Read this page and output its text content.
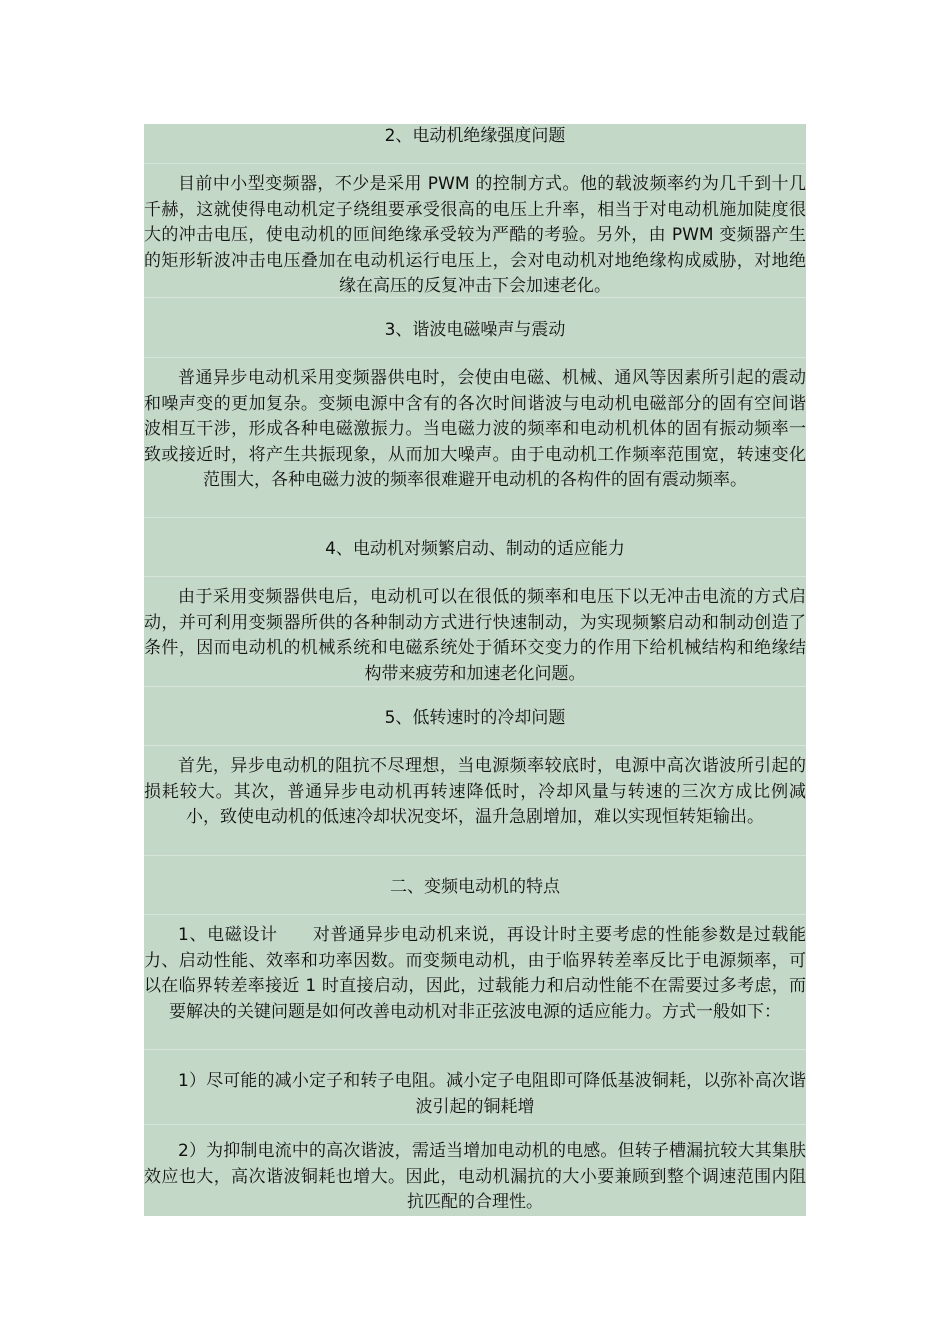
2、电动机绝缘强度问题
目前中小型变频器，不少是采用 PWM 的控制方式。他的载波频率约为几千到十几千赫，这就使得电动机定子绕组要承受很高的电压上升率，相当于对电动机施加陡度很大的冲击电压，使电动机的匝间绝缘承受较为严酷的考验。另外，由 PWM 变频器产生的矩形斩波冲击电压叠加在电动机运行电压上，会对电动机对地绝缘构成威胁，对地绝缘在高压的反复冲击下会加速老化。
3、谐波电磁噪声与震动
普通异步电动机采用变频器供电时，会使由电磁、机械、通风等因素所引起的震动和噪声变的更加复杂。变频电源中含有的各次时间谐波与电动机电磁部分的固有空间谐波相互干涉，形成各种电磁激振力。当电磁力波的频率和电动机机体的固有振动频率一致或接近时，将产生共振现象，从而加大噪声。由于电动机工作频率范围宽，转速变化范围大，各种电磁力波的频率很难避开电动机的各构件的固有震动频率。
4、电动机对频繁启动、制动的适应能力
由于采用变频器供电后，电动机可以在很低的频率和电压下以无冲击电流的方式启动，并可利用变频器所供的各种制动方式进行快速制动，为实现频繁启动和制动创造了条件，因而电动机的机械系统和电磁系统处于循环交变力的作用下给机械结构和绝缘结构带来疲劳和加速老化问题。
5、低转速时的冷却问题
首先，异步电动机的阻抗不尽理想，当电源频率较底时，电源中高次谐波所引起的损耗较大。其次，普通异步电动机再转速降低时，冷却风量与转速的三次方成比例减小，致使电动机的低速冷却状况变坏，温升急剧增加，难以实现恒转矩输出。
二、变频电动机的特点
1、电磁设计　　对普通异步电动机来说，再设计时主要考虑的性能参数是过载能力、启动性能、效率和功率因数。而变频电动机，由于临界转差率反比于电源频率，可以在临界转差率接近 1 时直接启动，因此，过载能力和启动性能不在需要过多考虑，而要解决的关键问题是如何改善电动机对非正弦波电源的适应能力。方式一般如下：
1）尽可能的减小定子和转子电阻。减小定子电阻即可降低基波铜耗，以弥补高次谐波引起的铜耗增
2）为抑制电流中的高次谐波，需适当增加电动机的电感。但转子槽漏抗较大其集肤效应也大，高次谐波铜耗也增大。因此，电动机漏抗的大小要兼顾到整个调速范围内阻抗匹配的合理性。
